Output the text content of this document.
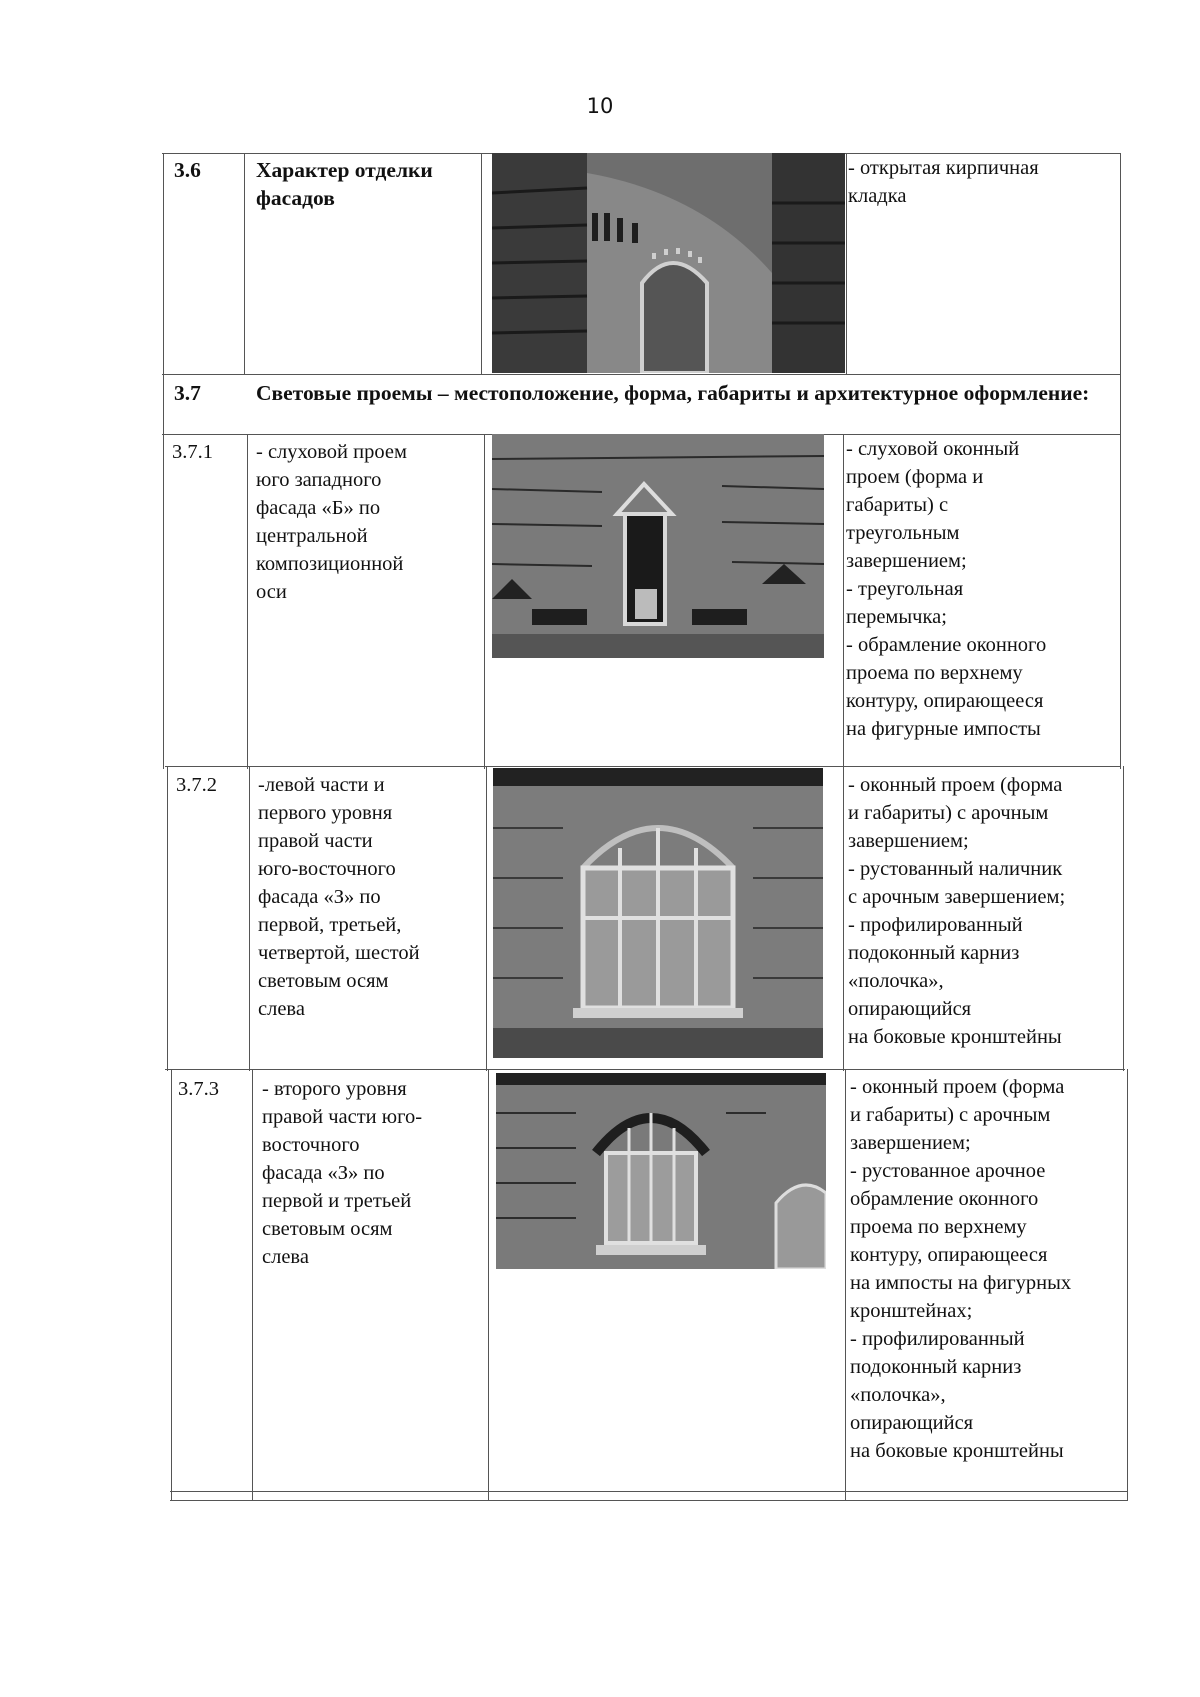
10
3.6	Характер отделки
фасадов
- открытая кирпичная
кладка
3.7	Световые проемы – местоположение, форма, габариты и архитектурное оформление:
3.7.1 - слуховой проем
юго западного
фасада «Б» по
центральной
композиционной
оси
- слуховой оконный
проем (форма и
габариты) с
треугольным
завершением;
- треугольная
перемычка;
- обрамление оконного
проема по верхнему
контуру, опирающееся
на фигурные импосты
3.7.2 -левой части и
первого уровня
правой части
юго-восточного
фасада «З» по
первой, третьей,
четвертой, шестой
световым осям
слева
- оконный проем (форма
и габариты) с арочным
завершением;
- рустованный наличник
с арочным завершением;
- профилированный
подоконный карниз
«полочка»,
опирающийся
на боковые кронштейны
3.7.3 - второго уровня
правой части юго-
восточного
фасада «З» по
первой и третьей
световым осям
слева
- оконный проем (форма
и габариты) с арочным
завершением;
- рустованное арочное
обрамление оконного
проема по верхнему
контуру, опирающееся
на импосты на фигурных
кронштейнах;
- профилированный
подоконный карниз
«полочка»,
опирающийся
на боковые кронштейны
